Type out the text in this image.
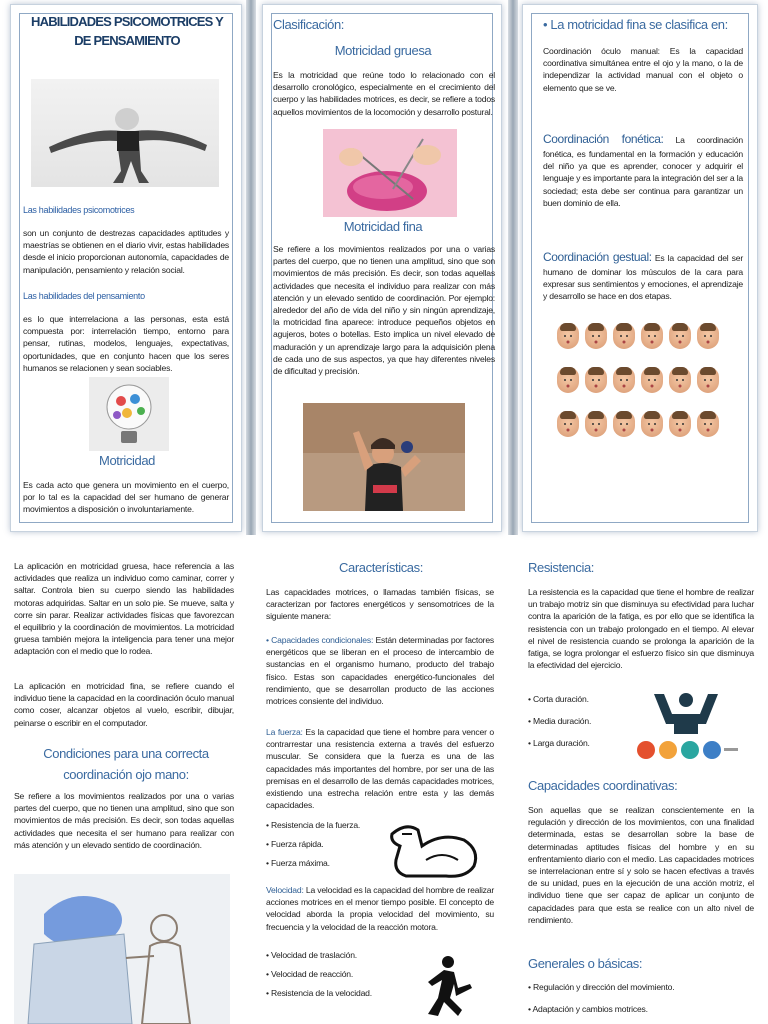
HABILIDADES PSICOMOTRICES Y DE PENSAMIENTO
Las habilidades psicomotrices
son un conjunto de destrezas capacidades aptitudes y maestrías se obtienen en el diario vivir, estas habilidades desde el inicio proporcionan autonomía, capacidades de manipulación, pensamiento y relación social.
Las habilidades del pensamiento
es lo que interrelaciona a las personas, esta está compuesta por: interrelación tiempo, entorno para pensar, rutinas, modelos, lenguajes, expectativas, oportunidades, que en conjunto hacen que los seres humanos se relacionen y sean sociables.
Motricidad
Es cada acto que genera un movimiento en el cuerpo, por lo tal es la capacidad del ser humano de generar movimientos a disposición o involuntariamente.
Clasificación:
Motricidad gruesa
Es la motricidad que reúne todo lo relacionado con el desarrollo cronológico, especialmente en el crecimiento del cuerpo y las habilidades motrices, es decir, se refiere a todos aquellos movimientos de la locomoción y desarrollo postural.
Motricidad fina
Se refiere a los movimientos realizados por una o varias partes del cuerpo, que no tienen una amplitud, sino que son movimientos de más precisión. Es decir, son todas aquellas actividades que necesita el individuo para realizar con más atención y un elevado sentido de coordinación. Por ejemplo: alrededor del año de vida del niño y sin ningún aprendizaje, la motricidad fina aparece: introduce pequeños objetos en agujeros, botes o botellas. Esto implica un nivel elevado de maduración y un aprendizaje largo para la adquisición plena de cada uno de sus aspectos, ya que hay diferentes niveles de dificultad y precisión.
• La motricidad fina se clasifica en:
Coordinación óculo manual: Es la capacidad coordinativa simultánea entre el ojo y la mano, o la de independizar la actividad manual con el objeto o elemento que se ve.
Coordinación fonética: La coordinación fonética, es fundamental en la formación y educación del niño ya que es aprender, conocer y adquirir el lenguaje y es importante para la integración del ser a la sociedad; esta debe ser continua para garantizar un buen dominio de ella.
Coordinación gestual: Es la capacidad del ser humano de dominar los músculos de la cara para expresar sus sentimientos y emociones, el aprendizaje y desarrollo se hace en dos etapas.
La aplicación en motricidad gruesa, hace referencia a las actividades que realiza un individuo como caminar, correr y saltar. Controla bien su cuerpo siendo las habilidades motoras adquiridas. Saltar en un solo pie. Se mueve, salta y corre sin parar. Realizar actividades físicas que favorezcan el equilibrio y la coordinación de movimientos. La motricidad gruesa también mejora la inteligencia para tener una mejor adaptación con el medio que lo rodea.
La aplicación en motricidad fina, se refiere cuando el individuo tiene la capacidad en la coordinación óculo manual como coser, alcanzar objetos al vuelo, escribir, dibujar, peinarse o escribir en el computador.
Condiciones para una correcta coordinación ojo mano:
Se refiere a los movimientos realizados por una o varias partes del cuerpo, que no tienen una amplitud, sino que son movimientos de más precisión. Es decir, son todas aquellas actividades que necesita el ser humano para realizar con más atención y un elevado sentido de coordinación.
Características:
Las capacidades motrices, o llamadas también físicas, se caracterizan por factores energéticos y sensomotrices de la siguiente manera:
• Capacidades condicionales: Están determinadas por factores energéticos que se liberan en el proceso de intercambio de sustancias en el organismo humano, producto del trabajo físico. Estas son capacidades energético-funcionales del rendimiento, que se desarrollan producto de las acciones motrices consiente del individuo.
La fuerza: Es la capacidad que tiene el hombre para vencer o contrarrestar una resistencia externa a través del esfuerzo muscular. Se considera que la fuerza es una de las capacidades más importantes del hombre, por ser una de las premisas en el desarrollo de las demás capacidades motrices, existiendo una estrecha relación entre esta y las demás capacidades.
• Resistencia de la fuerza.
• Fuerza rápida.
• Fuerza máxima.
Velocidad: La velocidad es la capacidad del hombre de realizar acciones motrices en el menor tiempo posible. El concepto de velocidad aborda la propia velocidad del movimiento, su frecuencia y la velocidad de la reacción motora.
• Velocidad de traslación.
• Velocidad de reacción.
• Resistencia de la velocidad.
Resistencia:
La resistencia es la capacidad que tiene el hombre de realizar un trabajo motriz sin que disminuya su efectividad para luchar contra la aparición de la fatiga, es por ello que se identifica la resistencia con un trabajo prolongado en el tiempo. Al elevar el nivel de resistencia cuando se prolonga la aparición de la fatiga, se logra prolongar el esfuerzo físico sin que disminuya la efectividad del ejercicio.
• Corta duración.
• Media duración.
• Larga duración.
Capacidades coordinativas:
Son aquellas que se realizan conscientemente en la regulación y dirección de los movimientos, con una finalidad determinada, estas se desarrollan sobre la base de determinadas aptitudes físicas del hombre y en su enfrentamiento diario con el medio. Las capacidades motrices se interrelacionan entre sí y solo se hacen efectivas a través de su unidad, pues en la ejecución de una acción motriz, el individuo tiene que ser capaz de aplicar un conjunto de capacidades para que esta se realice con un alto nivel de rendimiento.
Generales o básicas:
• Regulación y dirección del movimiento.
• Adaptación y cambios motrices.
